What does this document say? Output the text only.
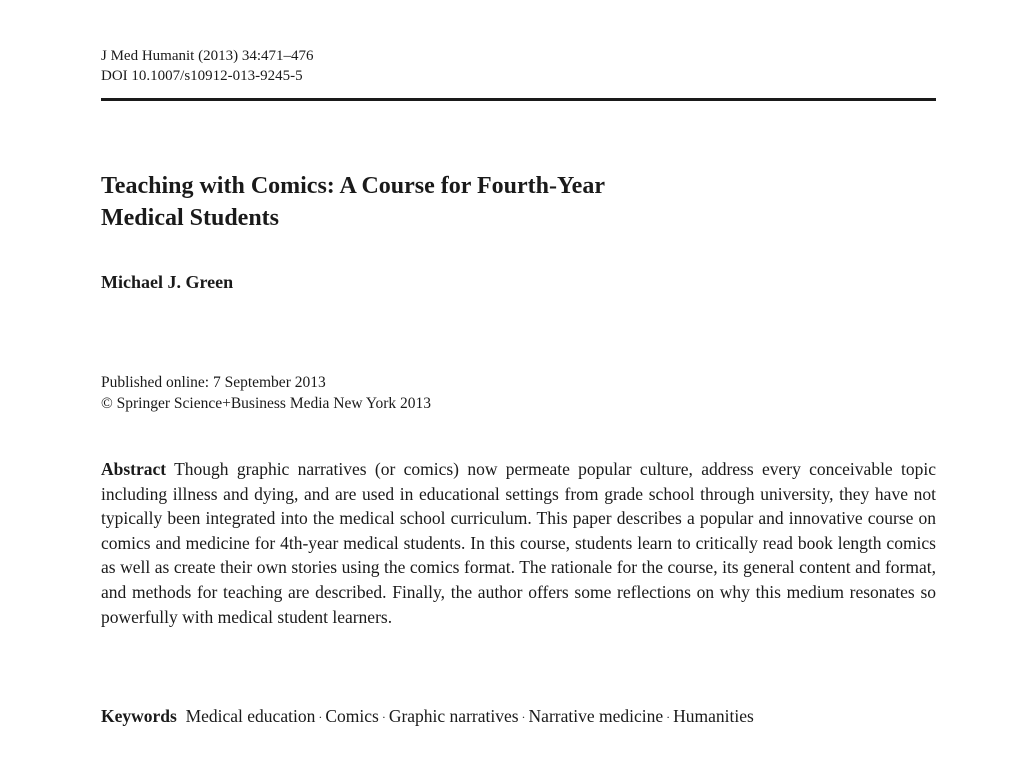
J Med Humanit (2013) 34:471–476
DOI 10.1007/s10912-013-9245-5
Teaching with Comics: A Course for Fourth-Year
Medical Students
Michael J. Green
Published online: 7 September 2013
© Springer Science+Business Media New York 2013

Abstract Though graphic narratives (or comics) now permeate popular culture, address every conceivable topic including illness and dying, and are used in educational settings from grade school through university, they have not typically been integrated into the medical school curriculum. This paper describes a popular and innovative course on comics and medicine for 4th-year medical students. In this course, students learn to critically read book length comics as well as create their own stories using the comics format. The rationale for the course, its general content and format, and methods for teaching are described. Finally, the author offers some reflections on why this medium resonates so powerfully with medical student learners.

Keywords Medical education · Comics · Graphic narratives · Narrative medicine · Humanities
